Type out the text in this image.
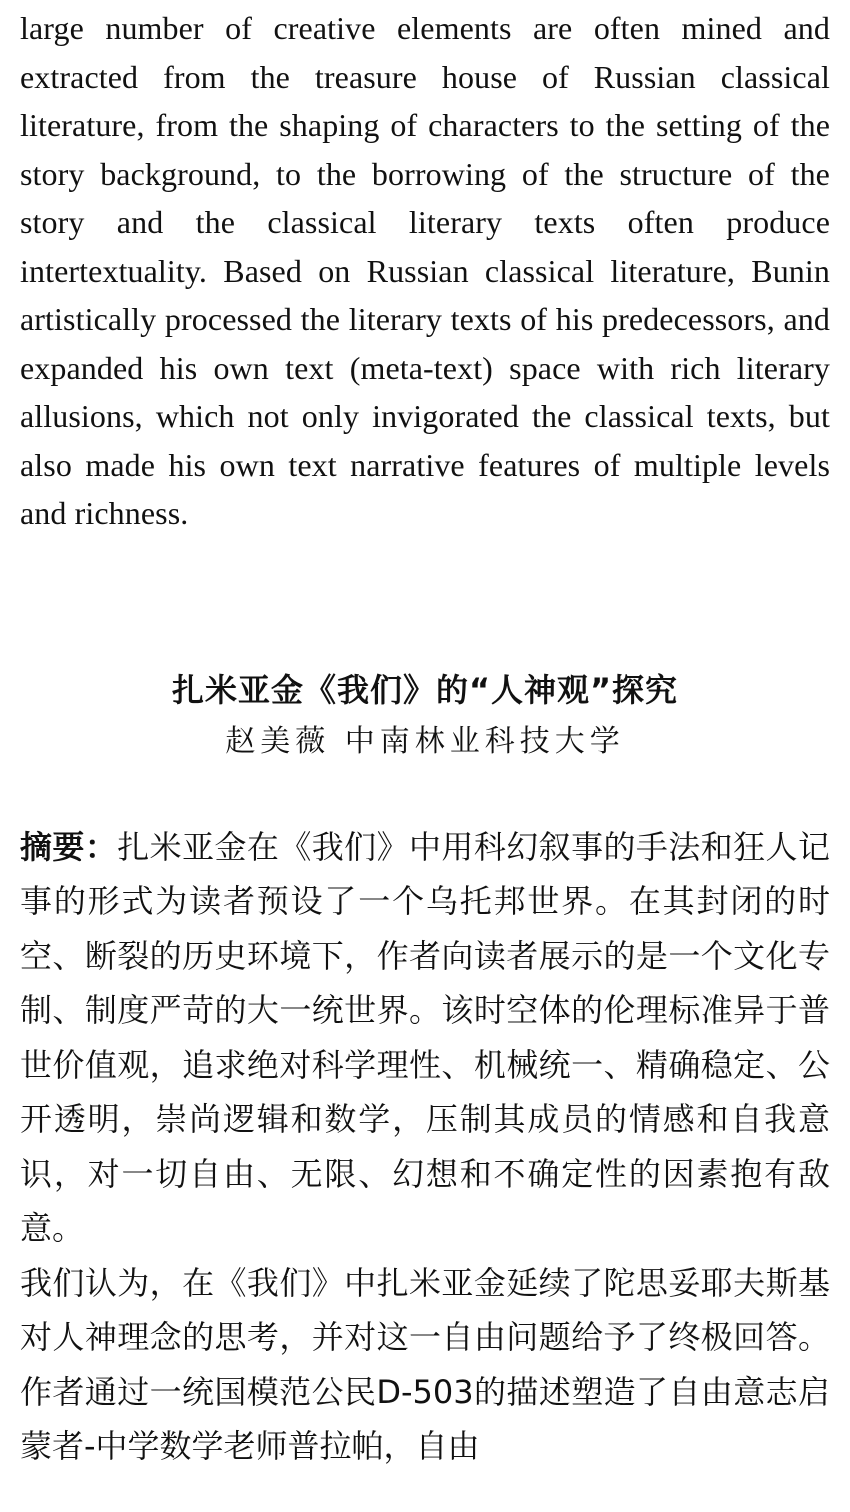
large number of creative elements are often mined and extracted from the treasure house of Russian classical literature, from the shaping of characters to the setting of the story background, to the borrowing of the structure of the story and the classical literary texts often produce intertextuality. Based on Russian classical literature, Bunin artistically processed the literary texts of his predecessors, and expanded his own text (meta-text) space with rich literary allusions, which not only invigorated the classical texts, but also made his own text narrative features of multiple levels and richness.

扎米亚金《我们》的“人神观”探究

赵美薇 中南林业科技大学

摘要：扎米亚金在《我们》中用科幻叙事的手法和狂人记事的形式为读者预设了一个乌托邦世界。在其封闭的时空、断裂的历史环境下，作者向读者展示的是一个文化专制、制度严苛的大一统世界。该时空体的伦理标准异于普世价值观，追求绝对科学理性、机械统一、精确稳定、公开透明，崇尚逻辑和数学，压制其成员的情感和自我意识，对一切自由、无限、幻想和不确定性的因素抱有敌意。

我们认为，在《我们》中扎米亚金延续了陀思妥耶夫斯基对人神理念的思考，并对这一自由问题给予了终极回答。作者通过一统国模范公民D-503的描述塑造了自由意志启蒙者-中学数学老师普拉帕，自由
